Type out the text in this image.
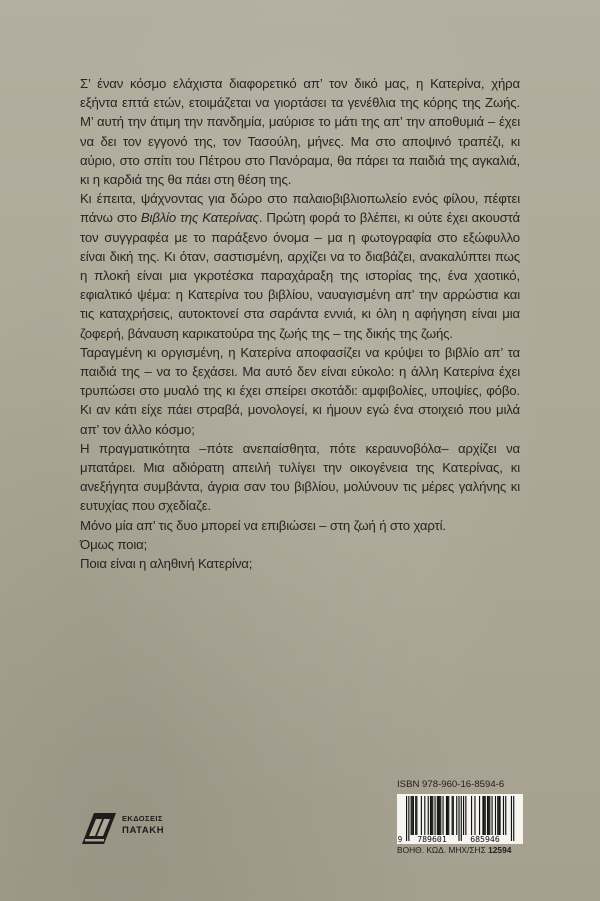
Σ’ έναν κόσμο ελάχιστα διαφορετικό απ’ τον δικό μας, η Κατερίνα, χήρα εξήντα επτά ετών, ετοιμάζεται να γιορτάσει τα γενέθλια της κόρης της Ζωής. Μ’ αυτή την άτιμη την πανδημία, μαύρισε το μάτι της απ’ την αποθυμιά – έχει να δει τον εγγονό της, τον Τασούλη, μήνες. Μα στο αποψινό τραπέζι, κι αύριο, στο σπίτι του Πέτρου στο Πανόραμα, θα πάρει τα παιδιά της αγκαλιά, κι η καρδιά της θα πάει στη θέση της.

Κι έπειτα, ψάχνοντας για δώρο στο παλαιοβιβλιοπωλείο ενός φίλου, πέφτει πάνω στο Βιβλίο της Κατερίνας. Πρώτη φορά το βλέπει, κι ούτε έχει ακουστά τον συγγραφέα με το παράξενο όνομα – μα η φωτογραφία στο εξώφυλλο είναι δική της. Κι όταν, σαστισμένη, αρχίζει να το διαβάζει, ανακαλύπτει πως η πλοκή είναι μια γκροτέσκα παραχάραξη της ιστορίας της, ένα χαοτικό, εφιαλτικό ψέμα: η Κατερίνα του βιβλίου, ναυαγισμένη απ’ την αρρώστια και τις καταχρήσεις, αυτοκτονεί στα σαράντα εννιά, κι όλη η αφήγηση είναι μια ζοφερή, βάναυση καρικατούρα της ζωής της – της δικής της ζωής.

Ταραγμένη κι οργισμένη, η Κατερίνα αποφασίζει να κρύψει το βιβλίο απ’ τα παιδιά της – να το ξεχάσει. Μα αυτό δεν είναι εύκολο: η άλλη Κατερίνα έχει τρυπώσει στο μυαλό της κι έχει σπείρει σκοτάδι: αμφιβολίες, υποψίες, φόβο. Κι αν κάτι είχε πάει στραβά, μονολογεί, κι ήμουν εγώ ένα στοιχειό που μιλά απ’ τον άλλο κόσμο;

Η πραγματικότητα –πότε ανεπαίσθητα, πότε κεραυνοβόλα– αρχίζει να μπατάρει. Μια αδιόρατη απειλή τυλίγει την οικογένεια της Κατερίνας, κι ανεξήγητα συμβάντα, άγρια σαν του βιβλίου, μολύνουν τις μέρες γαλήνης κι ευτυχίας που σχεδίαζε.

Μόνο μία απ’ τις δυο μπορεί να επιβιώσει – στη ζωή ή στο χαρτί.

Όμως ποια;

Ποια είναι η αληθινή Κατερίνα;

ΕΚΔΟΣΕΙΣ
ΠΑΤΑΚΗ
ISBN 978-960-16-8594-6
9 789601	685946
ΒΟΗΘ. ΚΩΔ. ΜΗΧ/ΣΗΣ 12594
